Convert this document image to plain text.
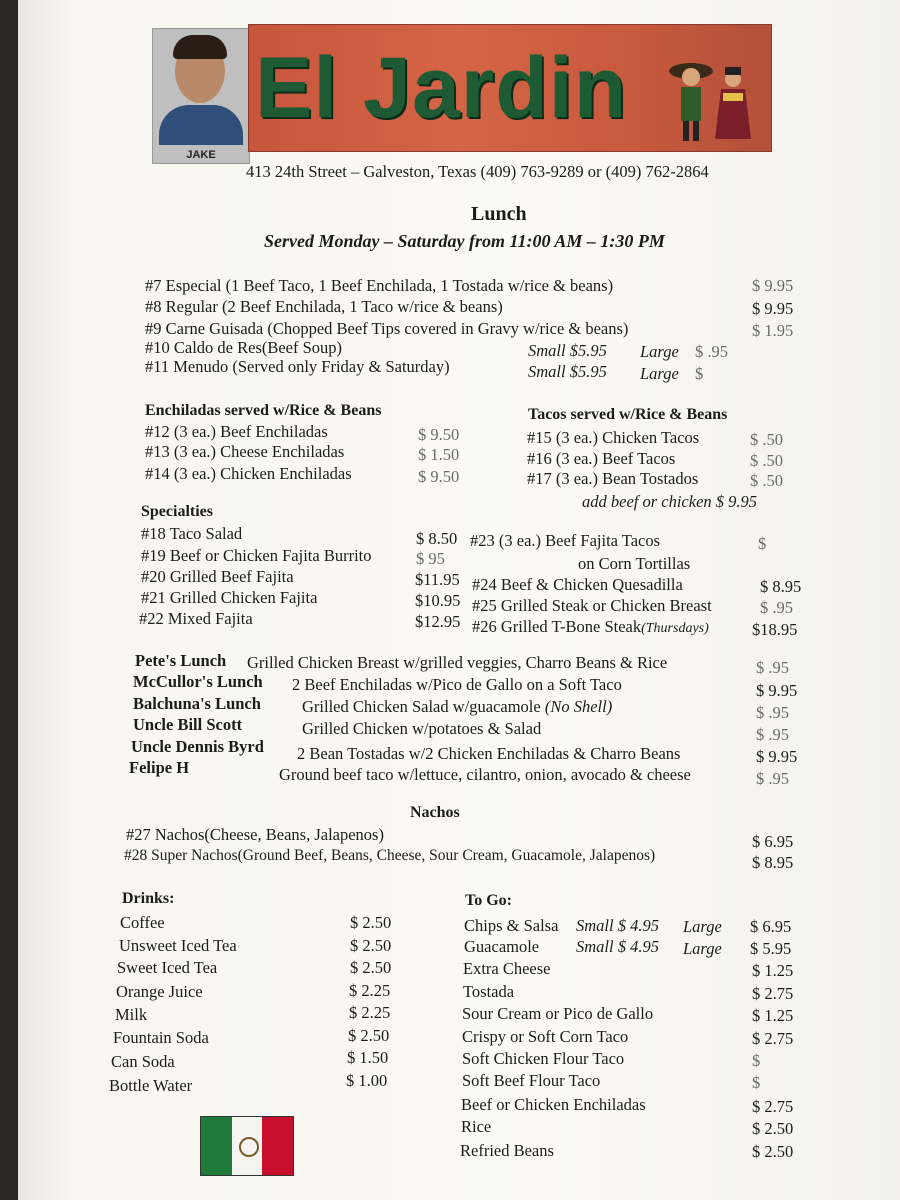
JAKE
El Jardin
413 24th Street – Galveston, Texas (409) 763-9289 or (409) 762-2864
Lunch
Served Monday – Saturday from 11:00 AM – 1:30 PM
#7 Especial (1 Beef Taco, 1 Beef Enchilada, 1 Tostada w/rice & beans)	$ 9.95
#8 Regular (2 Beef Enchilada, 1 Taco w/rice & beans)	$ 9.95
#9 Carne Guisada (Chopped Beef Tips covered in Gravy w/rice & beans)	$ 1.95
#10 Caldo de Res(Beef Soup)	Small $5.95 Large $ .95
#11 Menudo (Served only Friday & Saturday)	Small $5.95 Large $
Enchiladas served w/Rice & Beans
#12 (3 ea.) Beef Enchiladas	$ 9.50
#13 (3 ea.) Cheese Enchiladas	$ 1.50
#14 (3 ea.) Chicken Enchiladas	$ 9.50
Tacos served w/Rice & Beans
#15 (3 ea.) Chicken Tacos	$ .50
#16 (3 ea.) Beef Tacos	$ .50
#17 (3 ea.) Bean Tostados	$ .50
add beef or chicken $ 9.95
Specialties
#18 Taco Salad	$ 8.50
#19 Beef or Chicken Fajita Burrito	$ 95
#20 Grilled Beef Fajita	$11.95
#21 Grilled Chicken Fajita	$10.95
#22 Mixed Fajita	$12.95
#23 (3 ea.) Beef Fajita Tacos	$
on Corn Tortillas
#24 Beef & Chicken Quesadilla	$ 8.95
#25 Grilled Steak or Chicken Breast	$ .95
#26 Grilled T-Bone Steak(Thursdays)	$18.95
Pete's Lunch Grilled Chicken Breast w/grilled veggies, Charro Beans & Rice	$ .95
McCullor's Lunch 2 Beef Enchiladas w/Pico de Gallo on a Soft Taco	$ 9.95
Balchuna's Lunch Grilled Chicken Salad w/guacamole (No Shell)	$ .95
Uncle Bill Scott	Grilled Chicken w/potatoes & Salad	$ .95
Uncle Dennis Byrd 2 Bean Tostadas w/2 Chicken Enchiladas & Charro Beans	$ 9.95
Felipe H	Ground beef taco w/lettuce, cilantro, onion, avocado & cheese	$ .95
Nachos
#27 Nachos(Cheese, Beans, Jalapenos)	$ 6.95
#28 Super Nachos(Ground Beef, Beans, Cheese, Sour Cream, Guacamole, Jalapenos)	$ 8.95
Drinks:
Coffee	$ 2.50
Unsweet Iced Tea	$ 2.50
Sweet Iced Tea	$ 2.50
Orange Juice	$ 2.25
Milk	$ 2.25
Fountain Soda	$ 2.50
Can Soda	$ 1.50
Bottle Water	$ 1.00
To Go:
Chips & Salsa Small $ 4.95 Large $ 6.95
Guacamole Small $ 4.95 Large $ 5.95
Extra Cheese	$ 1.25
Tostada	$ 2.75
Sour Cream or Pico de Gallo	$ 1.25
Crispy or Soft Corn Taco	$ 2.75
Soft Chicken Flour Taco	$
Soft Beef Flour Taco	$
Beef or Chicken Enchiladas	$ 2.75
Rice	$ 2.50
Refried Beans	$ 2.50
